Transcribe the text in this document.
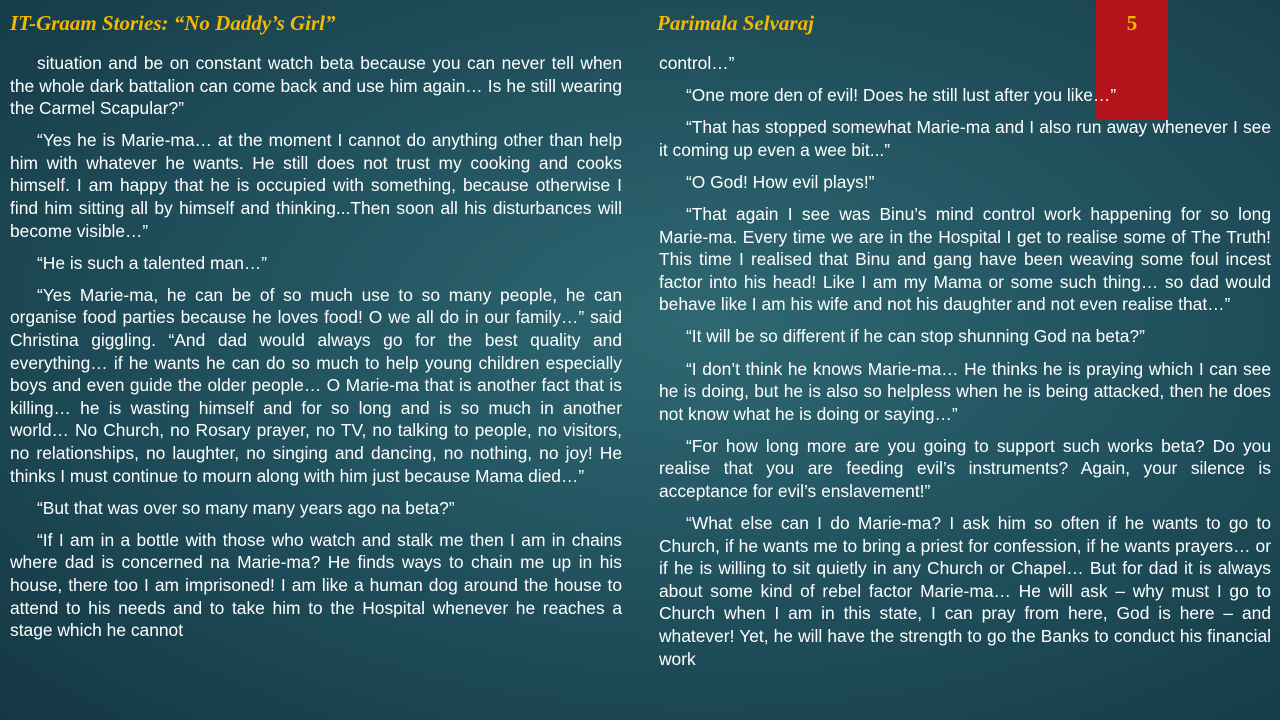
IT-Graam Stories: “No Daddy’s Girl”	Parimala Selvaraj	5

situation and be on constant watch beta because you can never tell when the whole dark battalion can come back and use him again… Is he still wearing the Carmel Scapular?”

“Yes he is Marie-ma… at the moment I cannot do anything other than help him with whatever he wants. He still does not trust my cooking and cooks himself. I am happy that he is occupied with something, because otherwise I find him sitting all by himself and thinking...Then soon all his disturbances will become visible…”

“He is such a talented man…”

“Yes Marie-ma, he can be of so much use to so many people, he can organise food parties because he loves food! O we all do in our family…” said Christina giggling. “And dad would always go for the best quality and everything… if he wants he can do so much to help young children especially boys and even guide the older people… O Marie-ma that is another fact that is killing… he is wasting himself and for so long and is so much in another world… No Church, no Rosary prayer, no TV, no talking to people, no visitors, no relationships, no laughter, no singing and dancing, no nothing, no joy! He thinks I must continue to mourn along with him just because Mama died…”

“But that was over so many many years ago na beta?”

“If I am in a bottle with those who watch and stalk me then I am in chains where dad is concerned na Marie-ma? He finds ways to chain me up in his house, there too I am imprisoned! I am like a human dog around the house to attend to his needs and to take him to the Hospital whenever he reaches a stage which he cannot

control…”

“One more den of evil! Does he still lust after you like…”

“That has stopped somewhat Marie-ma and I also run away whenever I see it coming up even a wee bit...”

“O God! How evil plays!”

“That again I see was Binu’s mind control work happening for so long Marie-ma. Every time we are in the Hospital I get to realise some of The Truth! This time I realised that Binu and gang have been weaving some foul incest factor into his head! Like I am my Mama or some such thing… so dad would behave like I am his wife and not his daughter and not even realise that…”

“It will be so different if he can stop shunning God na beta?”

“I don’t think he knows Marie-ma… He thinks he is praying which I can see he is doing, but he is also so helpless when he is being attacked, then he does not know what he is doing or saying…”

“For how long more are you going to support such works beta? Do you realise that you are feeding evil’s instruments? Again, your silence is acceptance for evil’s enslavement!”

“What else can I do Marie-ma? I ask him so often if he wants to go to Church, if he wants me to bring a priest for confession, if he wants prayers… or if he is willing to sit quietly in any Church or Chapel… But for dad it is always about some kind of rebel factor Marie-ma… He will ask – why must I go to Church when I am in this state, I can pray from here, God is here – and whatever! Yet, he will have the strength to go the Banks to conduct his financial work
